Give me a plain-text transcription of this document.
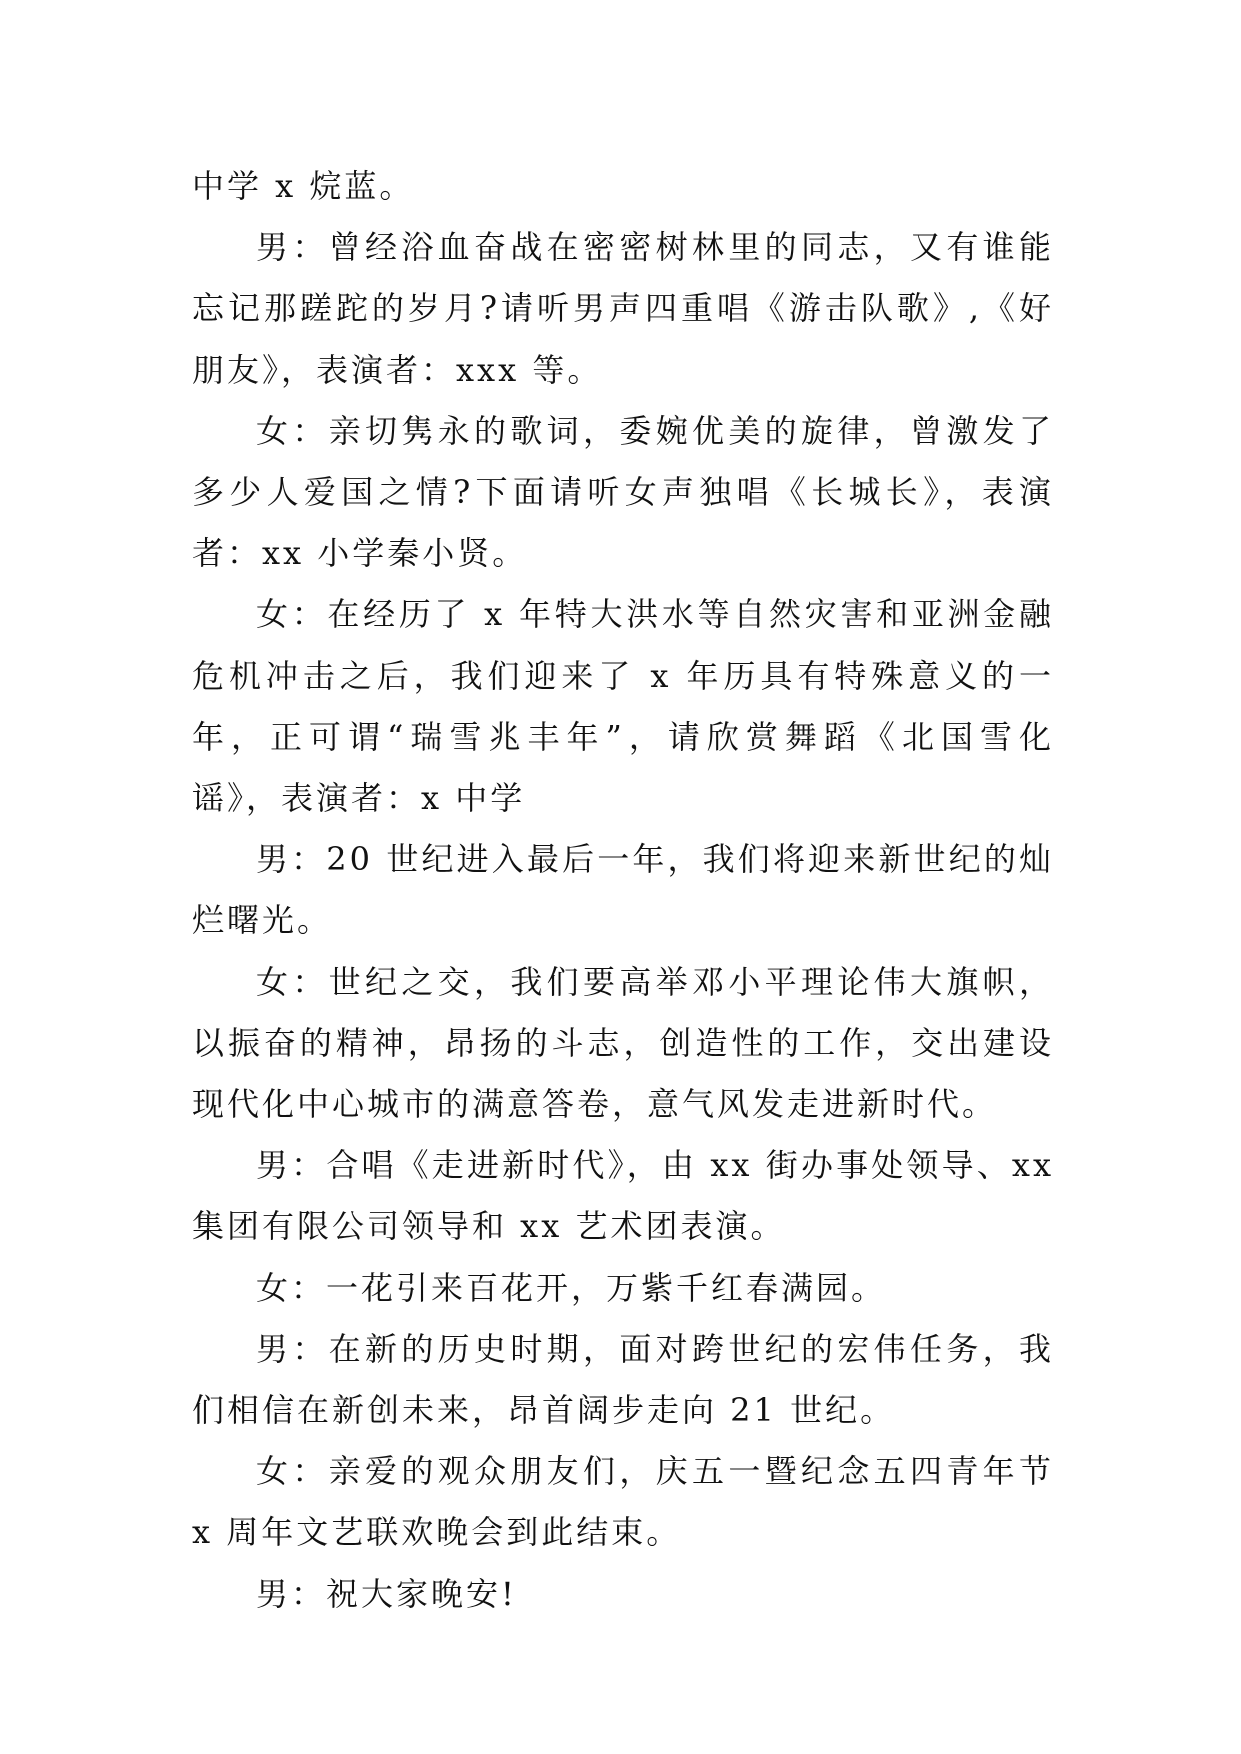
中学 x 烷蓝。

男：曾经浴血奋战在密密树林里的同志，又有谁能忘记那蹉跎的岁月?请听男声四重唱《游击队歌》,《好朋友》，表演者：xxx 等。

女：亲切隽永的歌词，委婉优美的旋律，曾激发了多少人爱国之情?下面请听女声独唱《长城长》，表演者：xx 小学秦小贤。

女：在经历了 x 年特大洪水等自然灾害和亚洲金融危机冲击之后，我们迎来了 x 年历具有特殊意义的一年，正可谓“瑞雪兆丰年”，请欣赏舞蹈《北国雪化谣》，表演者：x 中学

男：20 世纪进入最后一年，我们将迎来新世纪的灿烂曙光。

女：世纪之交，我们要高举邓小平理论伟大旗帜，以振奋的精神，昂扬的斗志，创造性的工作，交出建设现代化中心城市的满意答卷，意气风发走进新时代。

男：合唱《走进新时代》，由 xx 街办事处领导、xx 集团有限公司领导和 xx 艺术团表演。

女：一花引来百花开，万紫千红春满园。

男：在新的历史时期，面对跨世纪的宏伟任务，我们相信在新创未来，昂首阔步走向 21 世纪。

女：亲爱的观众朋友们，庆五一暨纪念五四青年节 x 周年文艺联欢晚会到此结束。

男：祝大家晚安!
